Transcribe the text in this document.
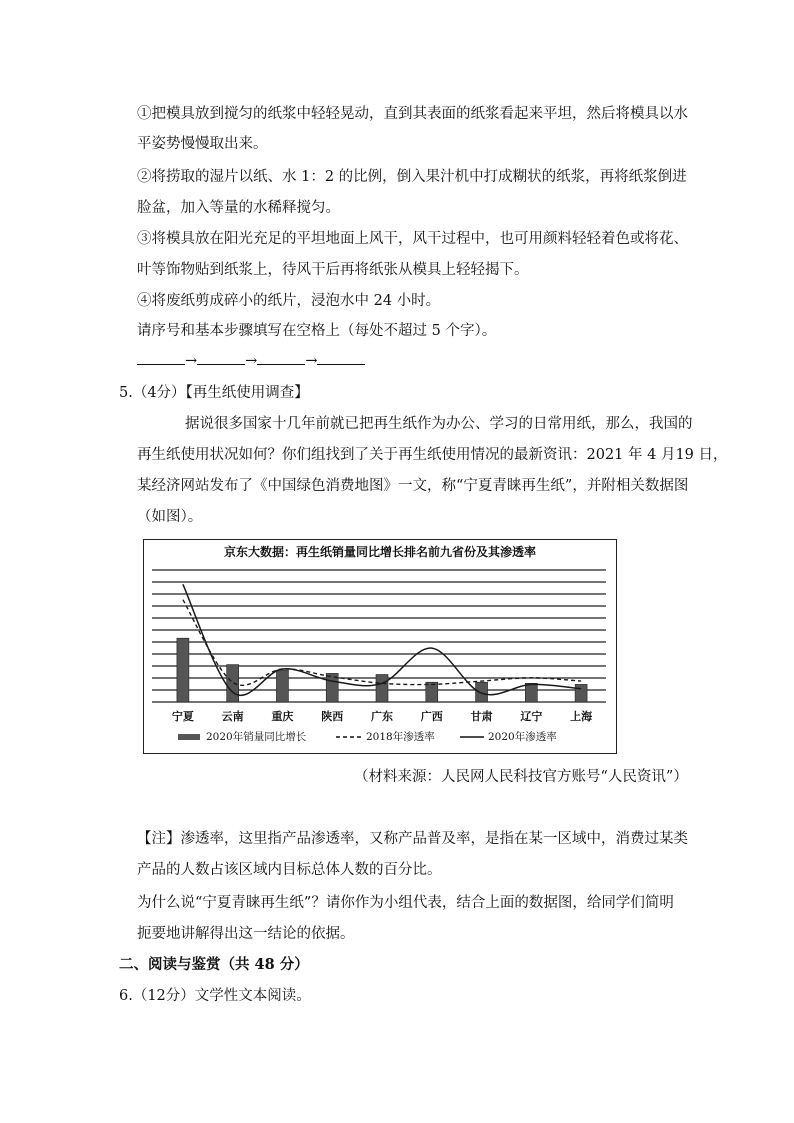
①把模具放到搅匀的纸浆中轻轻晃动，直到其表面的纸浆看起来平坦，然后将模具以水
平姿势慢慢取出来。
②将捞取的湿片以纸、水 1：2 的比例，倒入果汁机中打成糊状的纸浆，再将纸浆倒进
脸盆，加入等量的水稀释搅匀。
③将模具放在阳光充足的平坦地面上风干，风干过程中，也可用颜料轻轻着色或将花、
叶等饰物贴到纸浆上，待风干后再将纸张从模具上轻轻揭下。
④将废纸剪成碎小的纸片，浸泡水中 24 小时。
请序号和基本步骤填写在空格上（每处不超过 5 个字）。
→	→	→
5.（4分）【再生纸使用调查】
据说很多国家十几年前就已把再生纸作为办公、学习的日常用纸，那么，我国的
再生纸使用状况如何？你们组找到了关于再生纸使用情况的最新资讯：2021 年 4 月19 日，
某经济网站发布了《中国绿色消费地图》一文，称“宁夏青睐再生纸”，并附相关数据图
（如图）。
京东大数据：再生纸销量同比增长排名前九省份及其渗透率
宁夏	云南	重庆	陕西	广东	广西	甘肃	辽宁	上海
2020年销量同比增长	2018年渗透率	2020年渗透率
（材料来源：人民网人民科技官方账号“人民资讯”）
【注】渗透率，这里指产品渗透率，又称产品普及率，是指在某一区域中，消费过某类
产品的人数占该区域内目标总体人数的百分比。
为什么说“宁夏青睐再生纸”？请你作为小组代表，结合上面的数据图，给同学们简明
扼要地讲解得出这一结论的依据。
二、阅读与鉴赏（共 48 分）
6.（12分）文学性文本阅读。
